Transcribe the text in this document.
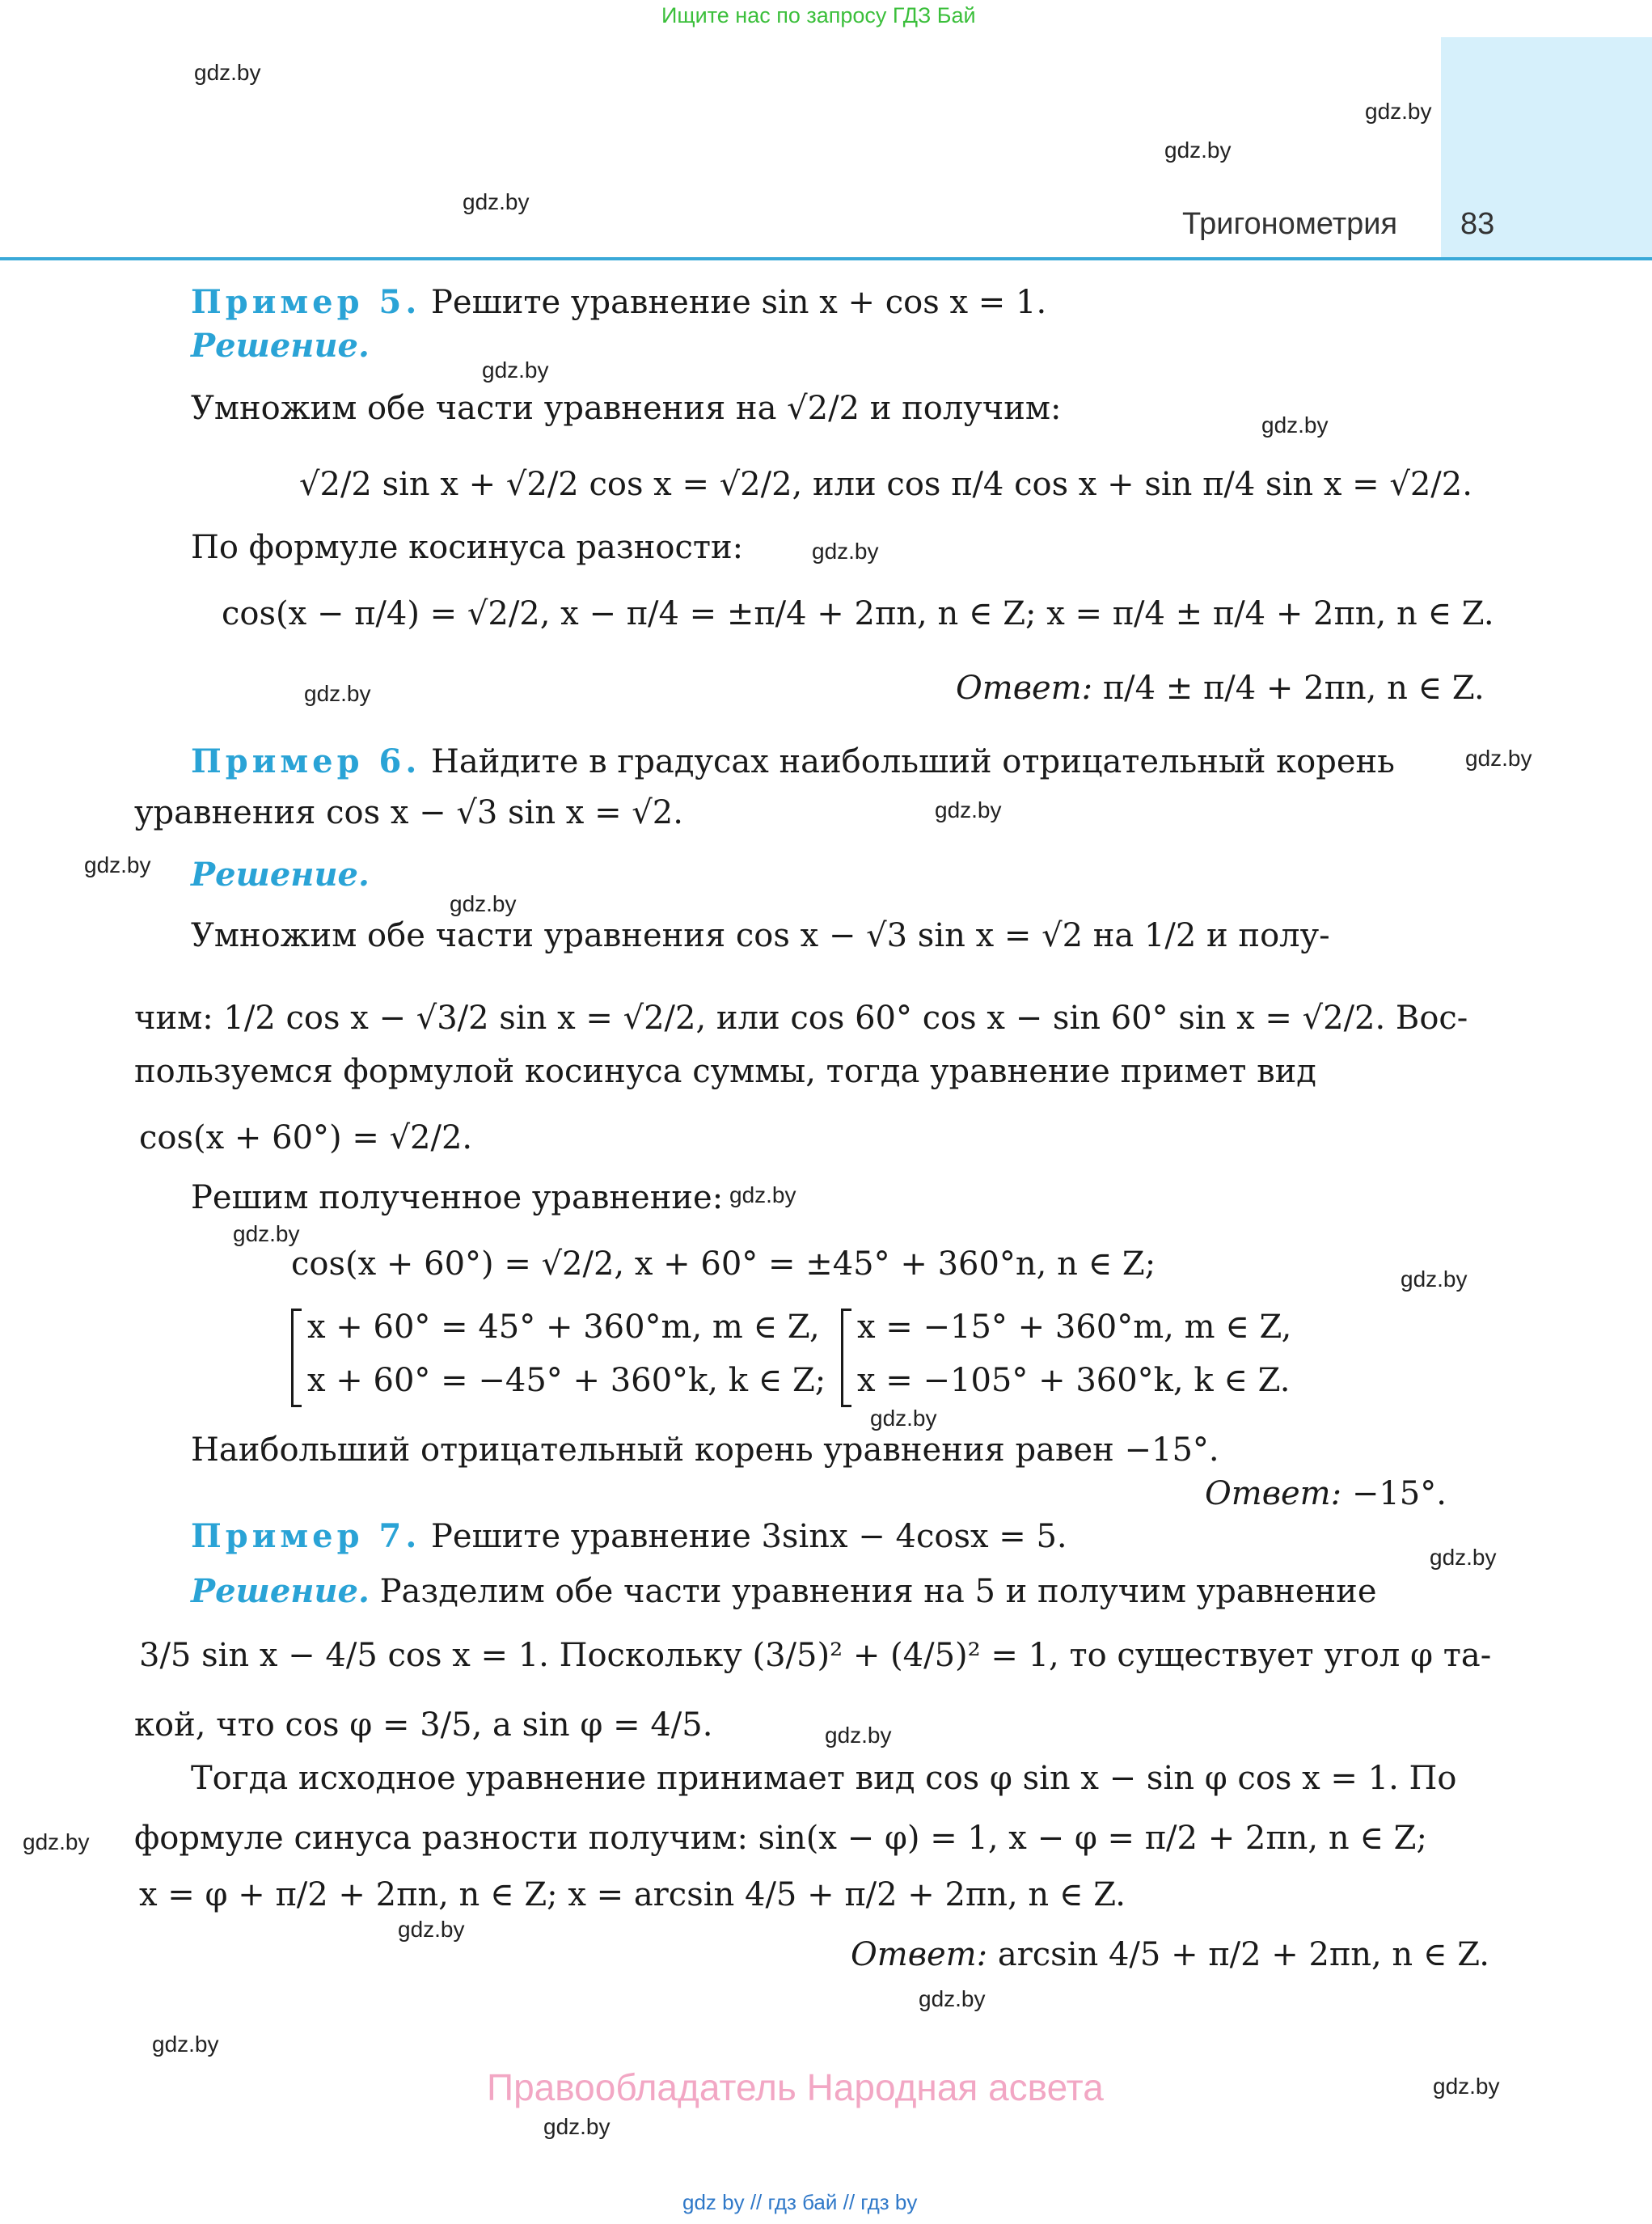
Ищите нас по запросу ГДЗ Бай
Тригонометрия 83
gdz.by
gdz.by
gdz.by
gdz.by
gdz.by
gdz.by
gdz.by
gdz.by
gdz.by
gdz.by
gdz.by
gdz.by
gdz.by
gdz.by
gdz.by
gdz.by
gdz.by
gdz.by
gdz.by
gdz.by
gdz.by
gdz.by
gdz.by
gdz.by
Пример 5. Решите уравнение sin x + cos x = 1.
Решение.
Умножим обе части уравнения на √2/2 и получим:
√2/2 sin x + √2/2 cos x = √2/2, или cos π/4 cos x + sin π/4 sin x = √2/2.
По формуле косинуса разности:
cos(x − π/4) = √2/2, x − π/4 = ±π/4 + 2πn, n ∈ Z; x = π/4 ± π/4 + 2πn, n ∈ Z.
Ответ: π/4 ± π/4 + 2πn, n ∈ Z.
Пример 6. Найдите в градусах наибольший отрицательный корень
уравнения cos x − √3 sin x = √2.
Решение.
Умножим обе части уравнения cos x − √3 sin x = √2 на 1/2 и полу-
чим: 1/2 cos x − √3/2 sin x = √2/2, или cos 60° cos x − sin 60° sin x = √2/2. Вос-
пользуемся формулой косинуса суммы, тогда уравнение примет вид
cos(x + 60°) = √2/2.
Решим полученное уравнение:
cos(x + 60°) = √2/2, x + 60° = ±45° + 360°n, n ∈ Z;
x + 60° = 45° + 360°m, m ∈ Z,
x + 60° = −45° + 360°k, k ∈ Z;
x = −15° + 360°m, m ∈ Z,
x = −105° + 360°k, k ∈ Z.
Наибольший отрицательный корень уравнения равен −15°.
Ответ: −15°.
Пример 7. Решите уравнение 3sinx − 4cosx = 5.
Решение. Разделим обе части уравнения на 5 и получим уравнение
3/5 sin x − 4/5 cos x = 1. Поскольку (3/5)² + (4/5)² = 1, то существует угол φ та-
кой, что cos φ = 3/5, а sin φ = 4/5.
Тогда исходное уравнение принимает вид cos φ sin x − sin φ cos x = 1. По
формуле синуса разности получим: sin(x − φ) = 1, x − φ = π/2 + 2πn, n ∈ Z;
x = φ + π/2 + 2πn, n ∈ Z; x = arcsin 4/5 + π/2 + 2πn, n ∈ Z.
Ответ: arcsin 4/5 + π/2 + 2πn, n ∈ Z.
Правообладатель Народная асвета
gdz by // гдз бай // гдз by
